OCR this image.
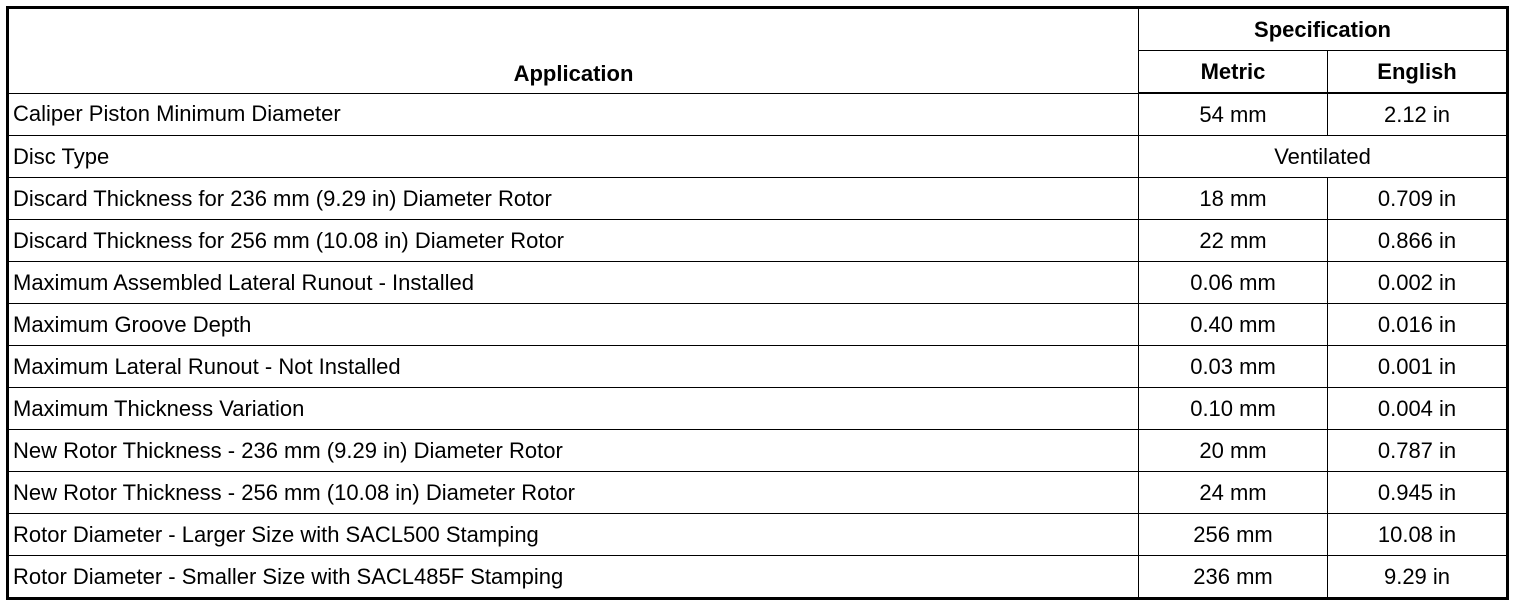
Application	Specification	
	Metric	English
Caliper Piston Minimum Diameter	54 mm	2.12 in
Disc Type	Ventilated	
Discard Thickness for 236 mm (9.29 in) Diameter Rotor	18 mm	0.709 in
Discard Thickness for 256 mm (10.08 in) Diameter Rotor	22 mm	0.866 in
Maximum Assembled Lateral Runout - Installed	0.06 mm	0.002 in
Maximum Groove Depth	0.40 mm	0.016 in
Maximum Lateral Runout - Not Installed	0.03 mm	0.001 in
Maximum Thickness Variation	0.10 mm	0.004 in
New Rotor Thickness - 236 mm (9.29 in) Diameter Rotor	20 mm	0.787 in
New Rotor Thickness - 256 mm (10.08 in) Diameter Rotor	24 mm	0.945 in
Rotor Diameter - Larger Size with SACL500 Stamping	256 mm	10.08 in
Rotor Diameter - Smaller Size with SACL485F Stamping	236 mm	9.29 in
